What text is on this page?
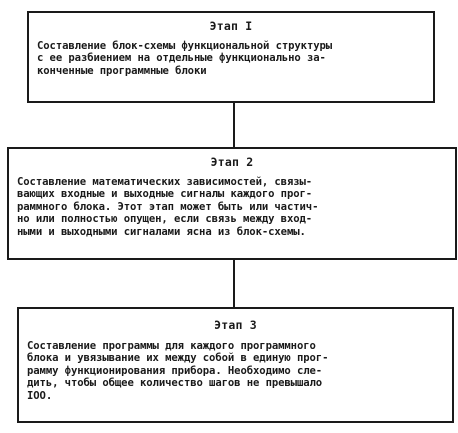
Этап I
Составление блок-схемы функциональной структуры
с ее разбиением на отдельные функционально за-
конченные программные блоки
Этап 2
Составление математических зависимостей, связы-
вающих входные и выходные сигналы каждого прог-
раммного блока. Этот этап может быть или частич-
но или полностью опущен, если связь между вход-
ными и выходными сигналами ясна из блок-схемы.
Этап 3
Составление программы для каждого программного
блока и увязывание их между собой в единую прог-
рамму функционирования прибора. Необходимо сле-
дить, чтобы общее количество шагов не превышало
IOO.
